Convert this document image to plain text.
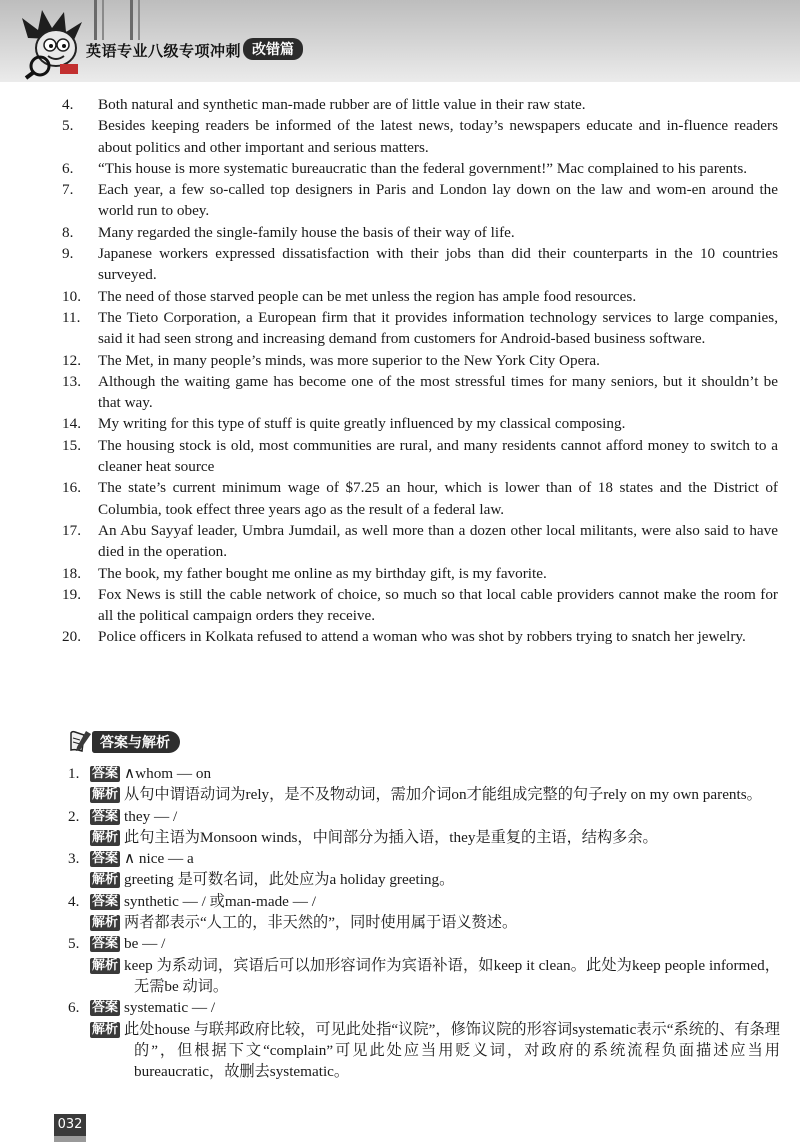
英语专业八级专项冲刺 改错篇
4.	Both natural and synthetic man-made rubber are of little value in their raw state.
5.	Besides keeping readers be informed of the latest news, today’s newspapers educate and in-fluence readers about politics and other important and serious matters.
6.	“This house is more systematic bureaucratic than the federal government!” Mac complained to his parents.
7.	Each year, a few so-called top designers in Paris and London lay down on the law and wom-en around the world run to obey.
8.	Many regarded the single-family house the basis of their way of life.
9.	Japanese workers expressed dissatisfaction with their jobs than did their counterparts in the 10 countries surveyed.
10.	The need of those starved people can be met unless the region has ample food resources.
11.	The Tieto Corporation, a European firm that it provides information technology services to large companies, said it had seen strong and increasing demand from customers for Android-based business software.
12.	The Met, in many people’s minds, was more superior to the New York City Opera.
13.	Although the waiting game has become one of the most stressful times for many seniors, but it shouldn’t be that way.
14.	My writing for this type of stuff is quite greatly influenced by my classical composing.
15.	The housing stock is old, most communities are rural, and many residents cannot afford money to switch to a cleaner heat source
16.	The state’s current minimum wage of $7.25 an hour, which is lower than of 18 states and the District of Columbia, took effect three years ago as the result of a federal law.
17.	An Abu Sayyaf leader, Umbra Jumdail, as well more than a dozen other local militants, were also said to have died in the operation.
18.	The book, my father bought me online as my birthday gift, is my favorite.
19.	Fox News is still the cable network of choice, so much so that local cable providers cannot make the room for all the political campaign orders they receive.
20.	Police officers in Kolkata refused to attend a woman who was shot by robbers trying to snatch her jewelry.
答案与解析
1. 答案 ∧whom — on
解析 从句中谓语动词为rely，是不及物动词，需加介词on才能组成完整的句子rely on my own parents。
2. 答案 they — /
解析 此句主语为Monsoon winds，中间部分为插入语，they是重复的主语，结构多余。
3. 答案 ∧ nice — a
解析 greeting 是可数名词，此处应为a holiday greeting。
4. 答案 synthetic — / 或man-made — /
解析 两者都表示“人工的，非天然的”，同时使用属于语义赘述。
5. 答案 be — /
解析 keep 为系动词，宾语后可以加形容词作为宾语补语，如keep it clean。此处为keep people informed，无需be 动词。
6. 答案 systematic — /
解析 此处house 与联邦政府比较，可见此处指“议院”，修饰议院的形容词systematic表示“系统的、有条理的”，但根据下文“complain”可见此处应当用贬义词，对政府的系统流程负面描述应当用bureaucratic，故删去systematic。
032
